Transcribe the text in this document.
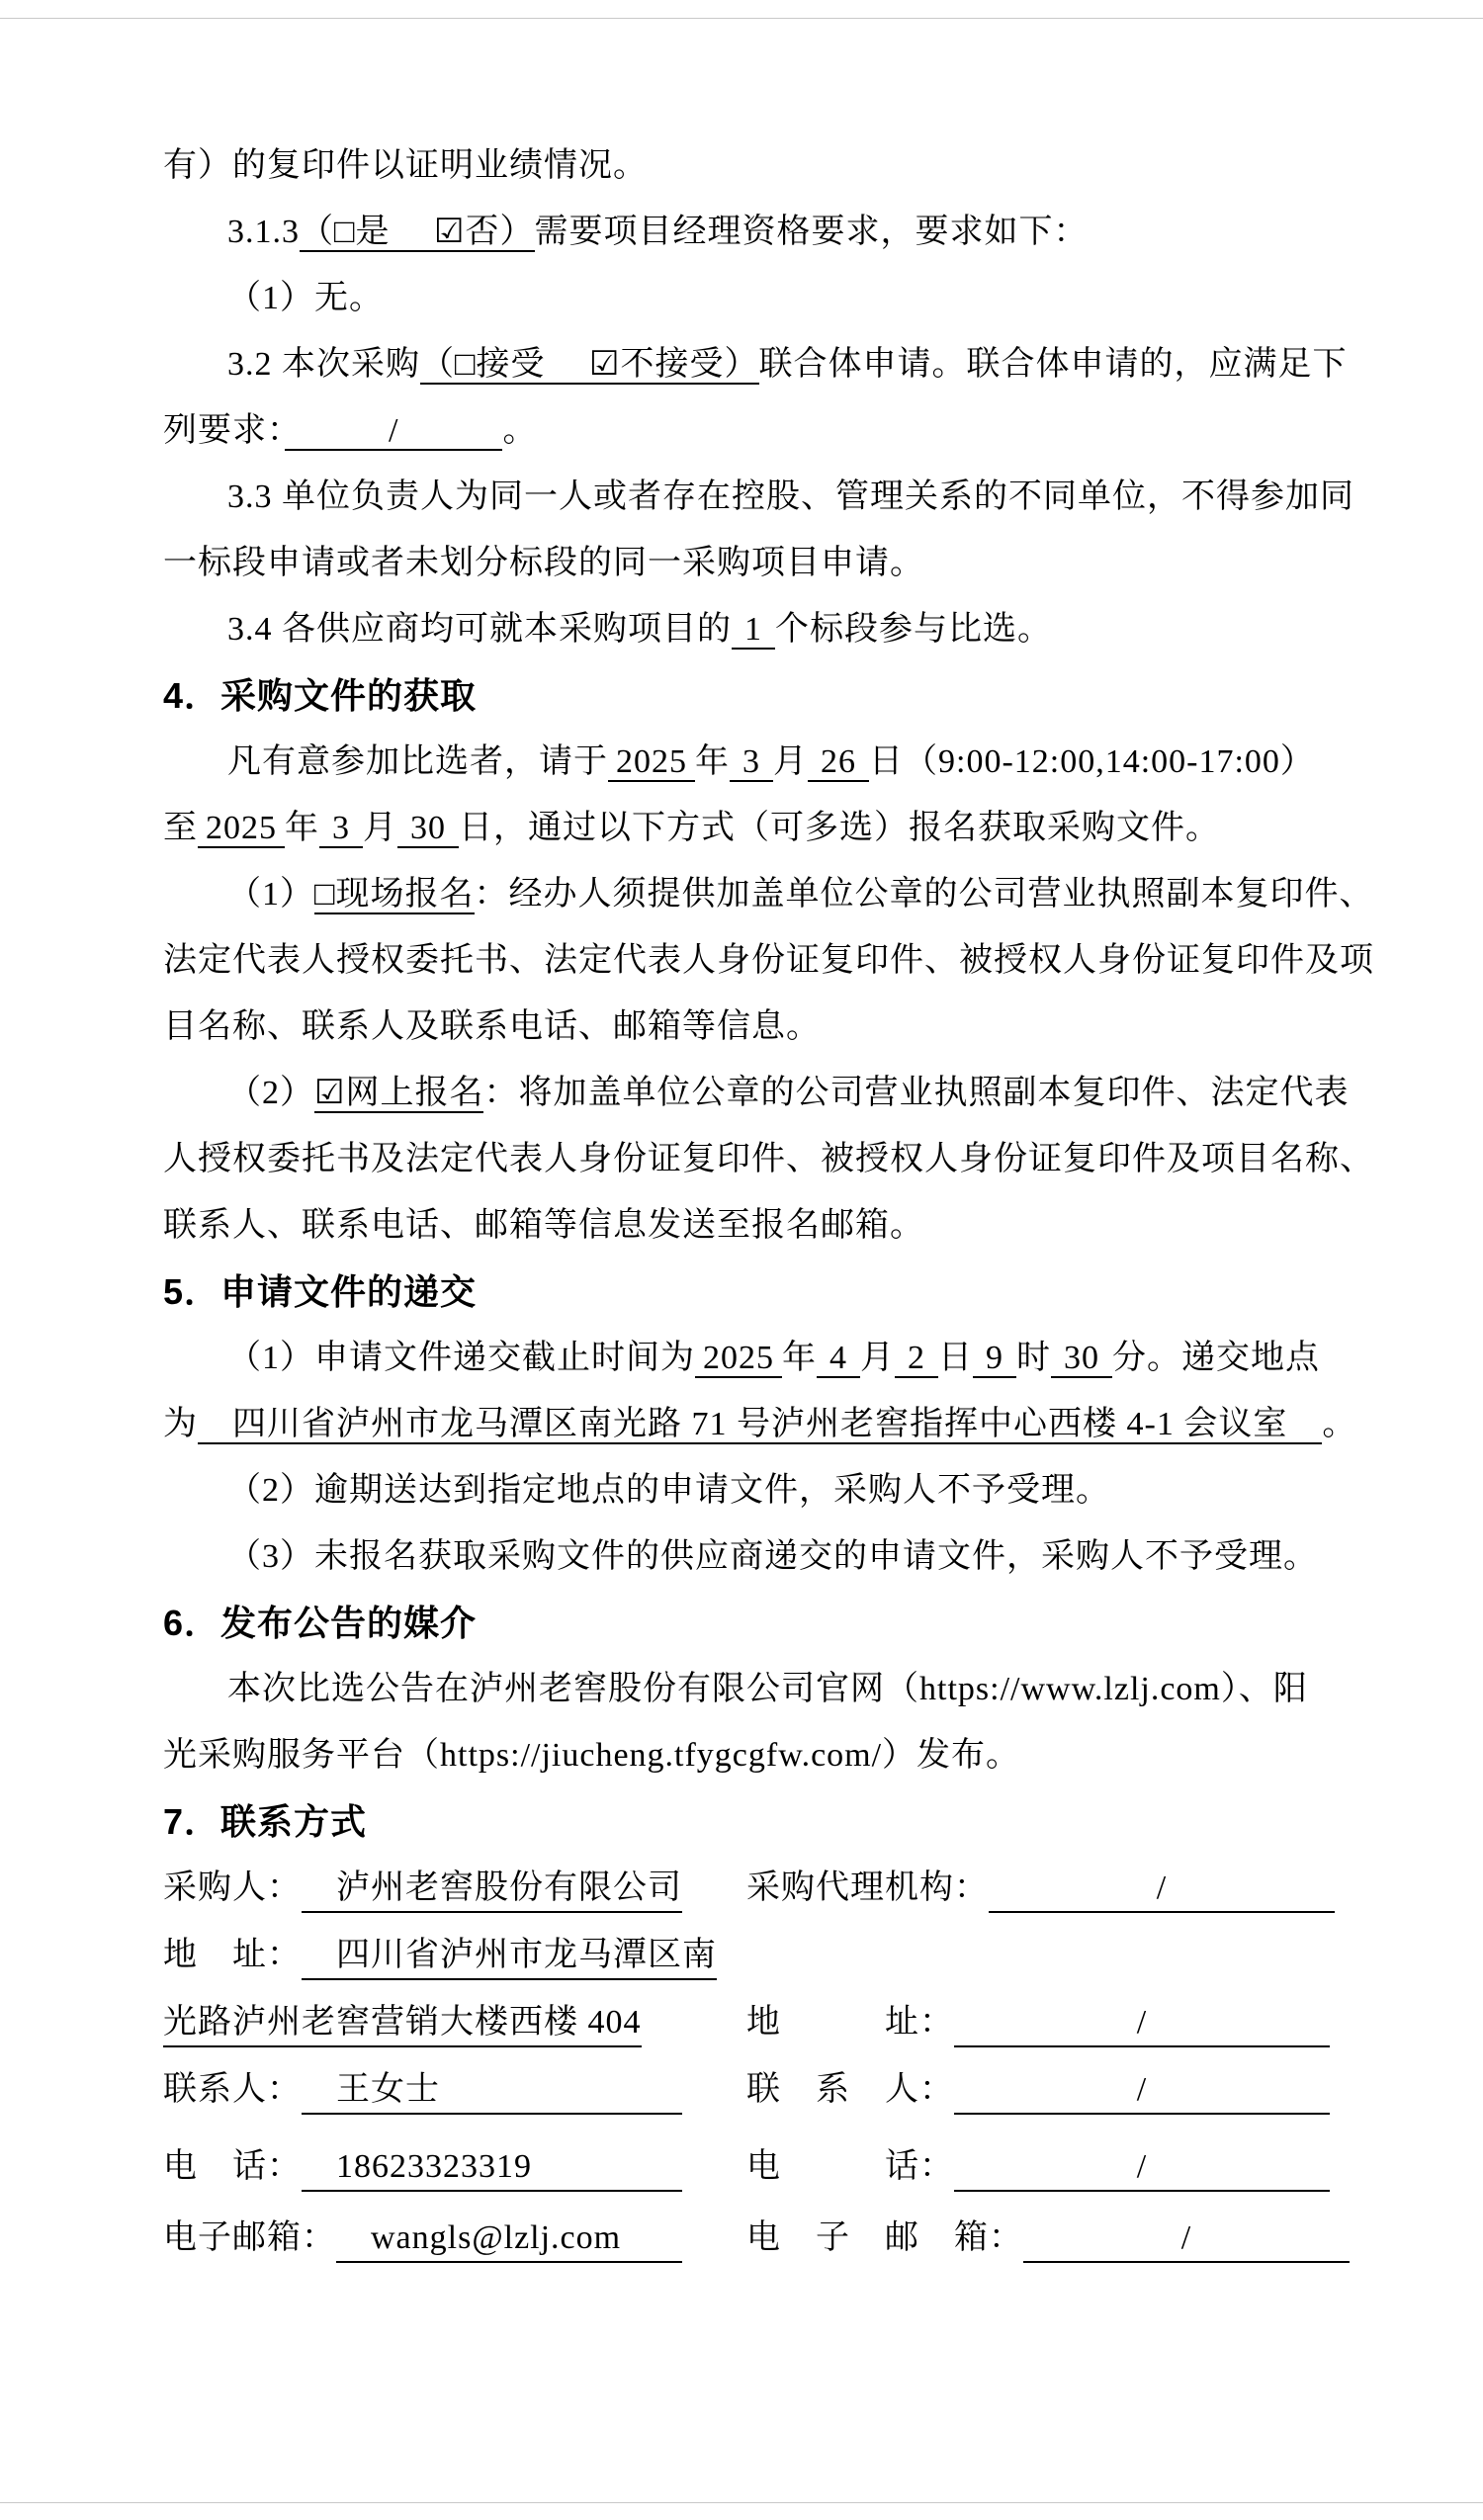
有）的复印件以证明业绩情况。

3.1.3（□是　 ☑否）需要项目经理资格要求，要求如下：

（1）无。

3.2 本次采购（□接受　 ☑不接受）联合体申请。联合体申请的，应满足下

列要求：　　　/　　　。

3.3 单位负责人为同一人或者存在控股、管理关系的不同单位，不得参加同

一标段申请或者未划分标段的同一采购项目申请。

3.4 各供应商均可就本采购项目的 1 个标段参与比选。

4．采购文件的获取

凡有意参加比选者，请于 2025 年 3 月 26 日（9:00-12:00,14:00-17:00）

至 2025 年 3 月 30 日，通过以下方式（可多选）报名获取采购文件。

（1）□现场报名：经办人须提供加盖单位公章的公司营业执照副本复印件、

法定代表人授权委托书、法定代表人身份证复印件、被授权人身份证复印件及项

目名称、联系人及联系电话、邮箱等信息。

（2）☑网上报名：将加盖单位公章的公司营业执照副本复印件、法定代表

人授权委托书及法定代表人身份证复印件、被授权人身份证复印件及项目名称、

联系人、联系电话、邮箱等信息发送至报名邮箱。

5．申请文件的递交

（1）申请文件递交截止时间为 2025 年 4 月 2 日 9 时 30 分。递交地点

为　四川省泸州市龙马潭区南光路 71 号泸州老窖指挥中心西楼 4-1 会议室　。

（2）逾期送达到指定地点的申请文件，采购人不予受理。

（3）未报名获取采购文件的供应商递交的申请文件，采购人不予受理。

6．发布公告的媒介

本次比选公告在泸州老窖股份有限公司官网（https://www.lzlj.com）、阳

光采购服务平台（https://jiucheng.tfygcgfw.com/）发布。

7．联系方式

采购人：　泸州老窖股份有限公司	采购代理机构：	/
地　址：　四川省泸州市龙马潭区南
光路泸州老窖营销大楼西楼 404	地　　　址：	/
联系人：　王女士	联　系　人：	/
电　话：　18623323319	电　　　话：	/
电子邮箱：　wangls@lzlj.com	电　子　邮　箱：	/
